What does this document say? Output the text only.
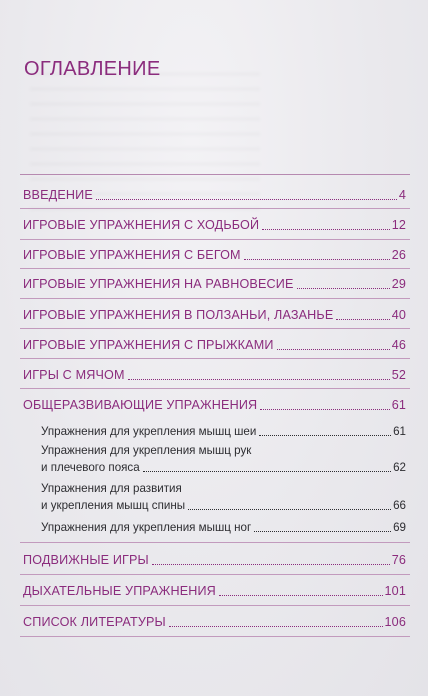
ОГЛАВЛЕНИЕ
ВВЕДЕНИЕ	4
ИГРОВЫЕ УПРАЖНЕНИЯ С ХОДЬБОЙ	12
ИГРОВЫЕ УПРАЖНЕНИЯ С БЕГОМ	26
ИГРОВЫЕ УПРАЖНЕНИЯ НА РАВНОВЕСИЕ	29
ИГРОВЫЕ УПРАЖНЕНИЯ В ПОЛЗАНЬИ, ЛАЗАНЬЕ	40
ИГРОВЫЕ УПРАЖНЕНИЯ С ПРЫЖКАМИ	46
ИГРЫ С МЯЧОМ	52
ОБЩЕРАЗВИВАЮЩИЕ УПРАЖНЕНИЯ	61
Упражнения для укрепления мышц шеи	61
Упражнения для укрепления мышц рук
и плечевого пояса	62
Упражнения для развития
и укрепления мышц спины	66
Упражнения для укрепления мышц ног	69
ПОДВИЖНЫЕ ИГРЫ	76
ДЫХАТЕЛЬНЫЕ УПРАЖНЕНИЯ	101
СПИСОК ЛИТЕРАТУРЫ	106
